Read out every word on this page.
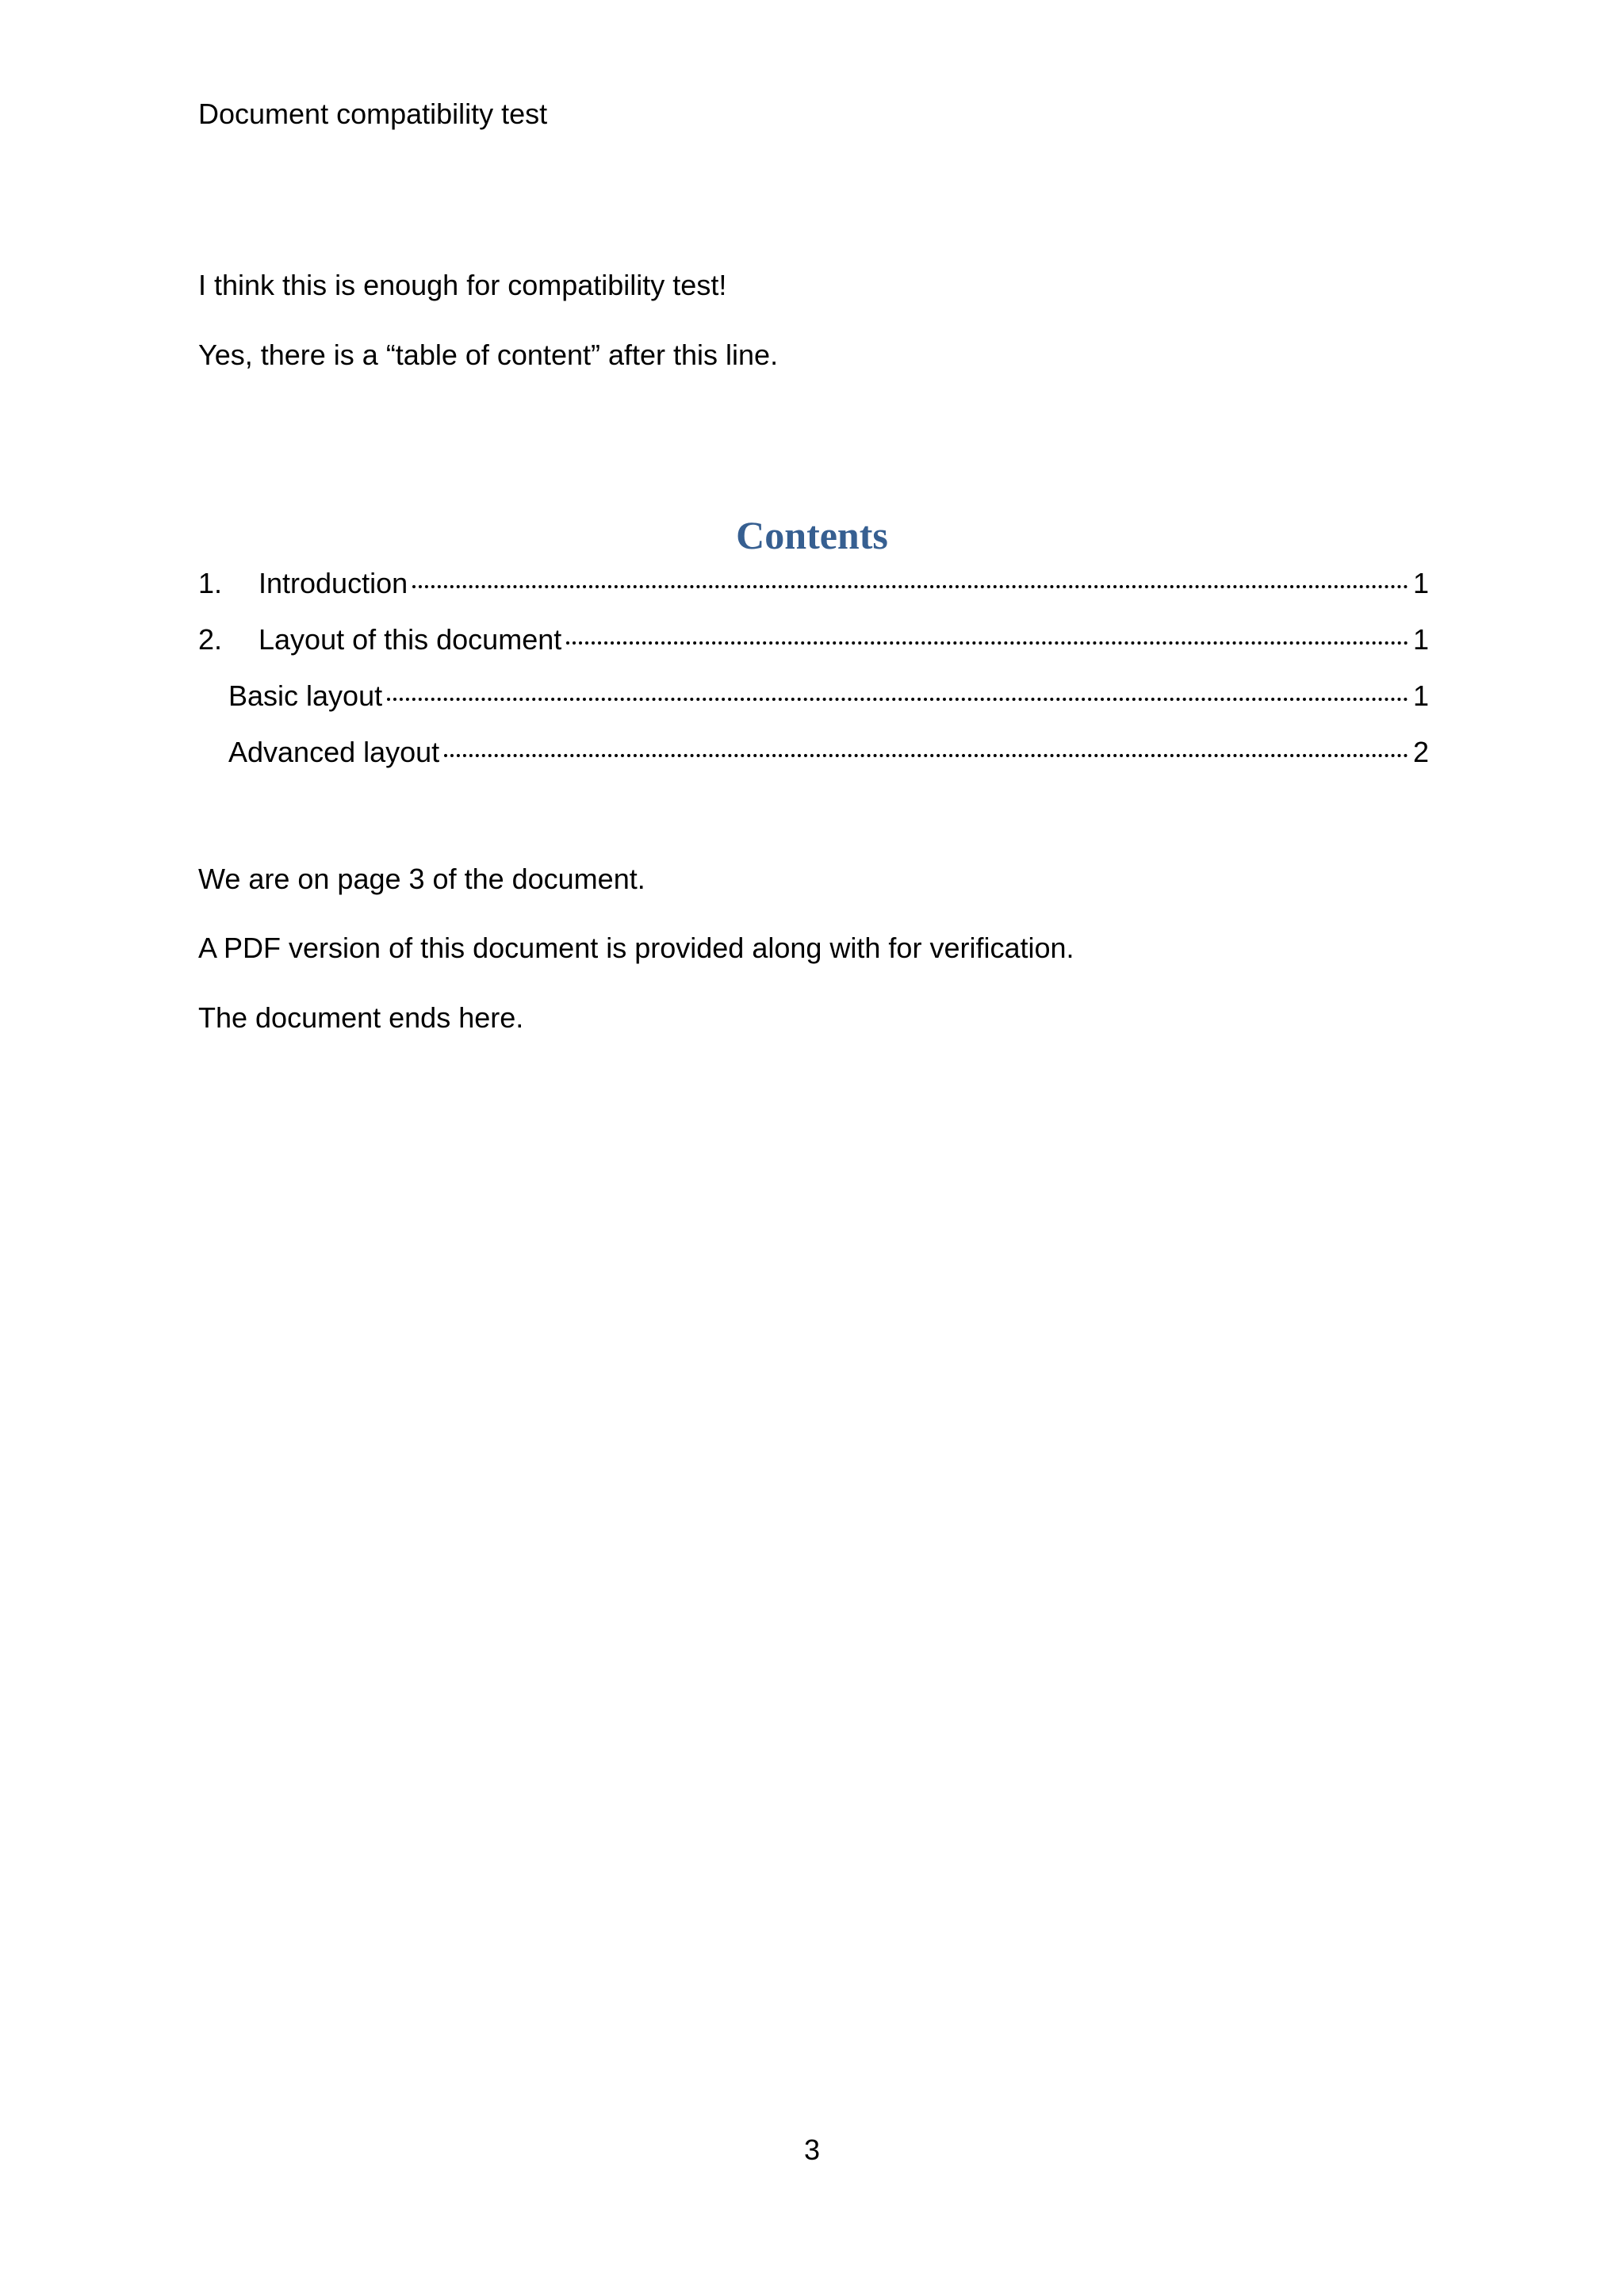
Document compatibility test
I think this is enough for compatibility test!
Yes, there is a “table of content” after this line.
Contents
1.	Introduction	1
2.	Layout of this document	1
Basic layout	1
Advanced layout	2
We are on page 3 of the document.
A PDF version of this document is provided along with for verification.
The document ends here.
3
